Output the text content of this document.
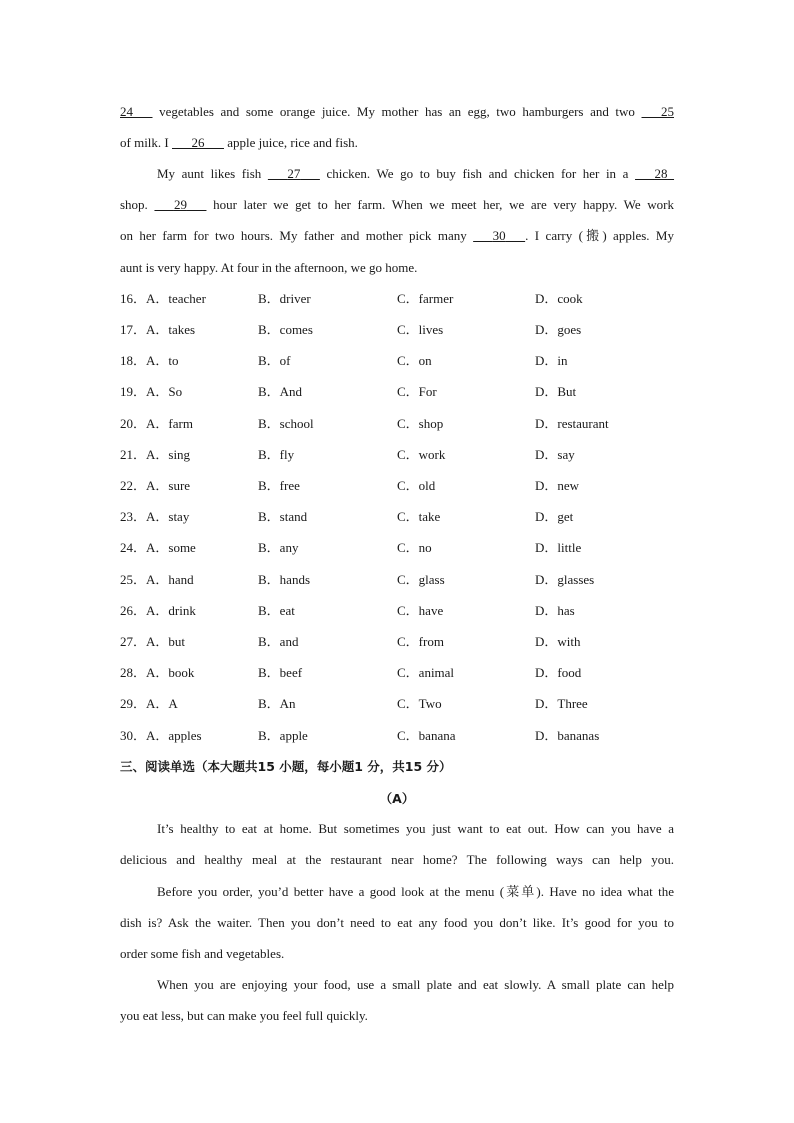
24    vegetables and some orange juice. My mother has an egg, two hamburgers and two     25
of milk. I     26    apple juice, rice and fish.
My aunt likes fish     27    chicken. We go to buy fish and chicken for her in a     28 
shop.     29    hour later we get to her farm. When we meet her, we are very happy. We work
on her farm for two hours. My father and mother pick many     30    . I carry (搬) apples. My
aunt is very happy. At four in the afternoon, we go home.
16．A．teacher	B．driver	C．farmer	D．cook
17．A．takes	B．comes	C．lives	D．goes
18．A．to	B．of	C．on	D．in
19．A．So	B．And	C．For	D．But
20．A．farm	B．school	C．shop	D．restaurant
21．A．sing	B．fly	C．work	D．say
22．A．sure	B．free	C．old	D．new
23．A．stay	B．stand	C．take	D．get
24．A．some	B．any	C．no	D．little
25．A．hand	B．hands	C．glass	D．glasses
26．A．drink	B．eat	C．have	D．has
27．A．but	B．and	C．from	D．with
28．A．book	B．beef	C．animal	D．food
29．A．A	B．An	C．Two	D．Three
30．A．apples	B．apple	C．banana	D．bananas
三、阅读单选（本大题共15 小题，每小题1 分，共15 分）
（A）
It’s healthy to eat at home. But sometimes you just want to eat out. How can you have a
delicious and healthy meal at the restaurant near home? The following ways can help you.
Before you order, you’d better have a good look at the menu (菜单). Have no idea what the
dish is? Ask the waiter. Then you don’t need to eat any food you don’t like. It’s good for you to
order some fish and vegetables.
When you are enjoying your food, use a small plate and eat slowly. A small plate can help
you eat less, but can make you feel full quickly.
